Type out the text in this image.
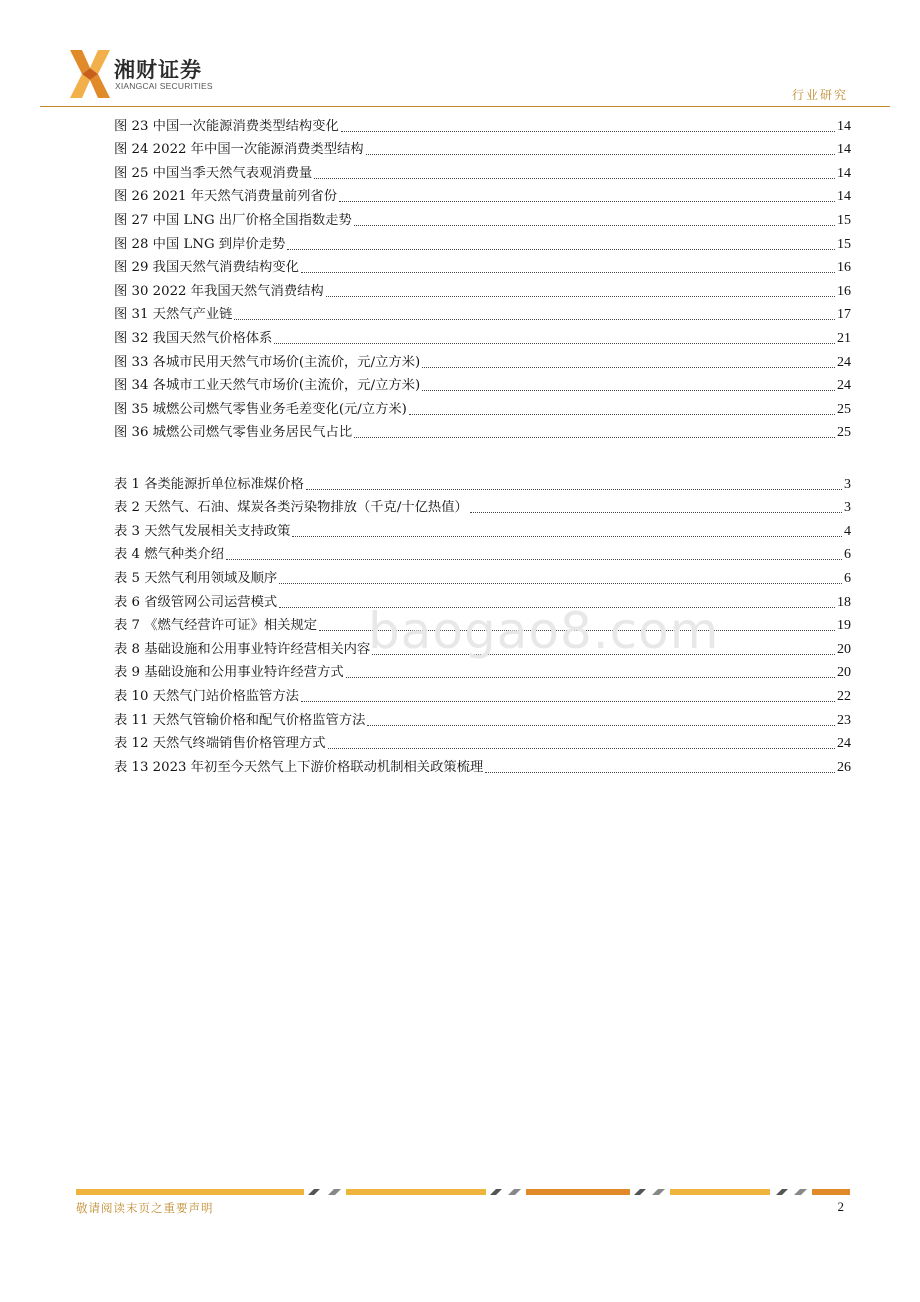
湘财证券
XIANGCAI SECURITIES
行业研究
图 23 中国一次能源消费类型结构变化	14
图 24 2022 年中国一次能源消费类型结构	14
图 25 中国当季天然气表观消费量	14
图 26 2021 年天然气消费量前列省份	14
图 27 中国 LNG 出厂价格全国指数走势	15
图 28 中国 LNG 到岸价走势	15
图 29 我国天然气消费结构变化	16
图 30 2022 年我国天然气消费结构	16
图 31 天然气产业链	17
图 32 我国天然气价格体系	21
图 33 各城市民用天然气市场价(主流价，元/立方米)	24
图 34 各城市工业天然气市场价(主流价，元/立方米)	24
图 35 城燃公司燃气零售业务毛差变化(元/立方米)	25
图 36 城燃公司燃气零售业务居民气占比	25
表 1 各类能源折单位标准煤价格	3
表 2 天然气、石油、煤炭各类污染物排放（千克/十亿热值）	3
表 3 天然气发展相关支持政策	4
表 4 燃气种类介绍	6
表 5 天然气利用领域及顺序	6
表 6 省级管网公司运营模式	18
表 7 《燃气经营许可证》相关规定	19
表 8 基础设施和公用事业特许经营相关内容	20
表 9 基础设施和公用事业特许经营方式	20
表 10 天然气门站价格监管方法	22
表 11 天然气管输价格和配气价格监管方法	23
表 12 天然气终端销售价格管理方式	24
表 13 2023 年初至今天然气上下游价格联动机制相关政策梳理	26
baogao8.com
敬请阅读末页之重要声明	2
